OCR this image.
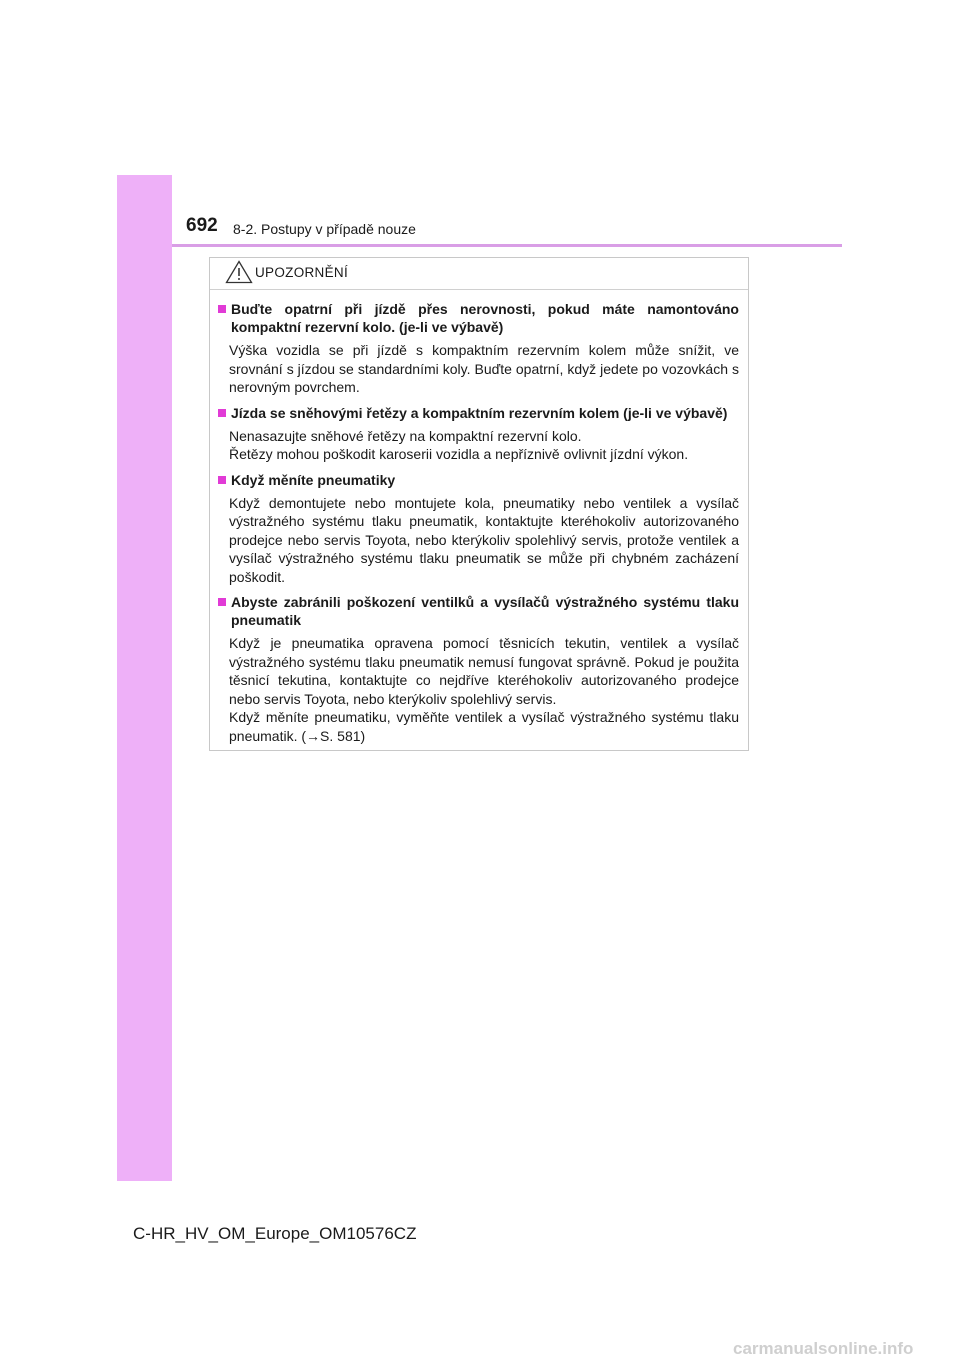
692 8-2. Postupy v případě nouze
UPOZORNĚNÍ
Buďte opatrní při jízdě přes nerovnosti, pokud máte namontováno kompaktní rezervní kolo. (je-li ve výbavě)

Výška vozidla se při jízdě s kompaktním rezervním kolem může snížit, ve srovnání s jízdou se standardními koly. Buďte opatrní, když jedete po vozovkách s nerovným povrchem.

Jízda se sněhovými řetězy a kompaktním rezervním kolem (je-li ve výbavě)

Nenasazujte sněhové řetězy na kompaktní rezervní kolo.

Řetězy mohou poškodit karoserii vozidla a nepříznivě ovlivnit jízdní výkon.

Když měníte pneumatiky

Když demontujete nebo montujete kola, pneumatiky nebo ventilek a vysílač výstražného systému tlaku pneumatik, kontaktujte kteréhokoliv autorizovaného prodejce nebo servis Toyota, nebo kterýkoliv spolehlivý servis, protože ventilek a vysílač výstražného systému tlaku pneumatik se může při chybném zacházení poškodit.

Abyste zabránili poškození ventilků a vysílačů výstražného systému tlaku pneumatik

Když je pneumatika opravena pomocí těsnicích tekutin, ventilek a vysílač výstražného systému tlaku pneumatik nemusí fungovat správně. Pokud je použita těsnicí tekutina, kontaktujte co nejdříve kteréhokoliv autorizovaného prodejce nebo servis Toyota, nebo kterýkoliv spolehlivý servis.

Když měníte pneumatiku, vyměňte ventilek a vysílač výstražného systému tlaku pneumatik. (→S. 581)

C-HR_HV_OM_Europe_OM10576CZ
carmanualsonline.info
